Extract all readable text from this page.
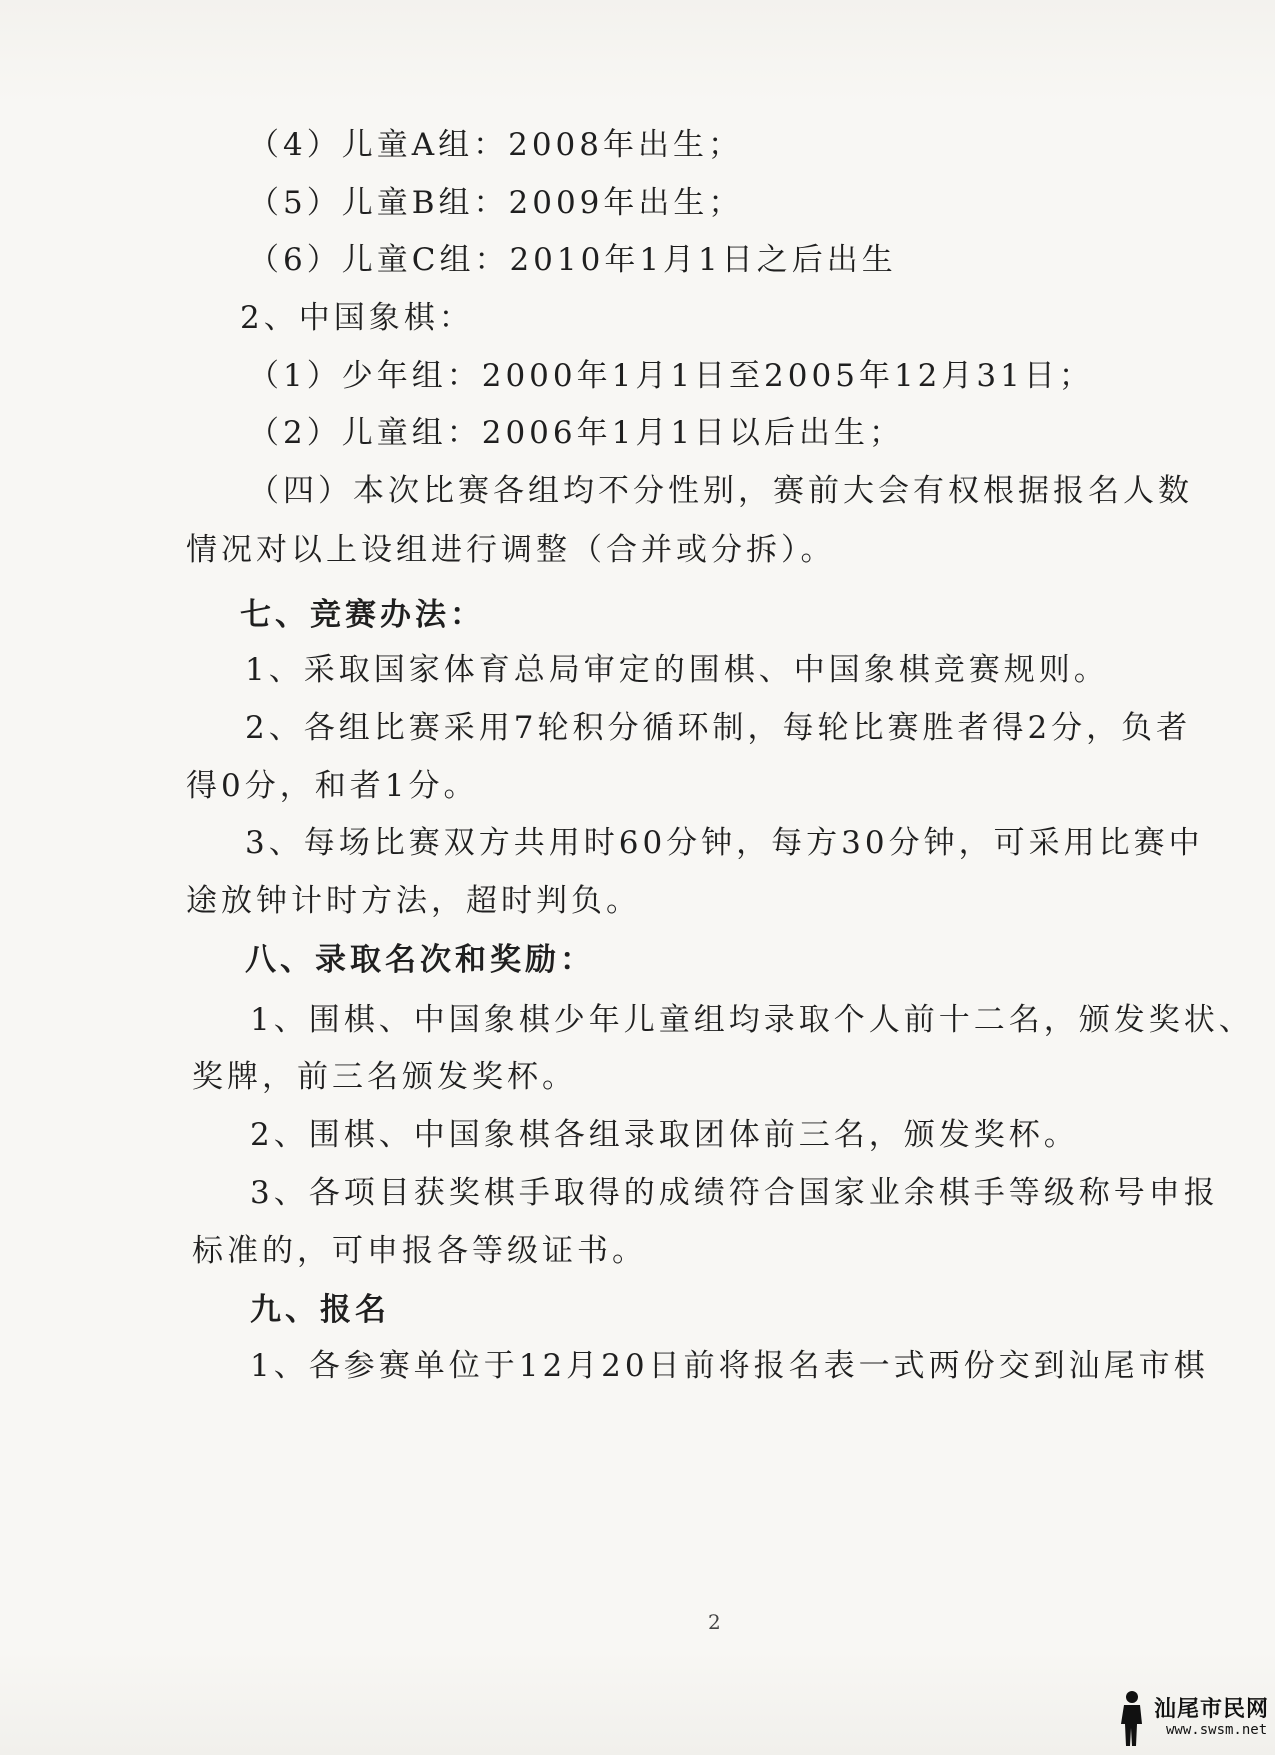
（4）儿童A组：2008年出生；
（5）儿童B组：2009年出生；
（6）儿童C组：2010年1月1日之后出生
2、中国象棋：
（1）少年组：2000年1月1日至2005年12月31日；
（2）儿童组：2006年1月1日以后出生；
（四）本次比赛各组均不分性别，赛前大会有权根据报名人数
情况对以上设组进行调整（合并或分拆）。
七、竞赛办法：
1、采取国家体育总局审定的围棋、中国象棋竞赛规则。
2、各组比赛采用7轮积分循环制，每轮比赛胜者得2分，负者
得0分，和者1分。
3、每场比赛双方共用时60分钟，每方30分钟，可采用比赛中
途放钟计时方法，超时判负。
八、录取名次和奖励：
1、围棋、中国象棋少年儿童组均录取个人前十二名，颁发奖状、
奖牌，前三名颁发奖杯。
2、围棋、中国象棋各组录取团体前三名，颁发奖杯。
3、各项目获奖棋手取得的成绩符合国家业余棋手等级称号申报
标准的，可申报各等级证书。
九、报名
1、各参赛单位于12月20日前将报名表一式两份交到汕尾市棋
2
汕尾市民网
www.swsm.net
